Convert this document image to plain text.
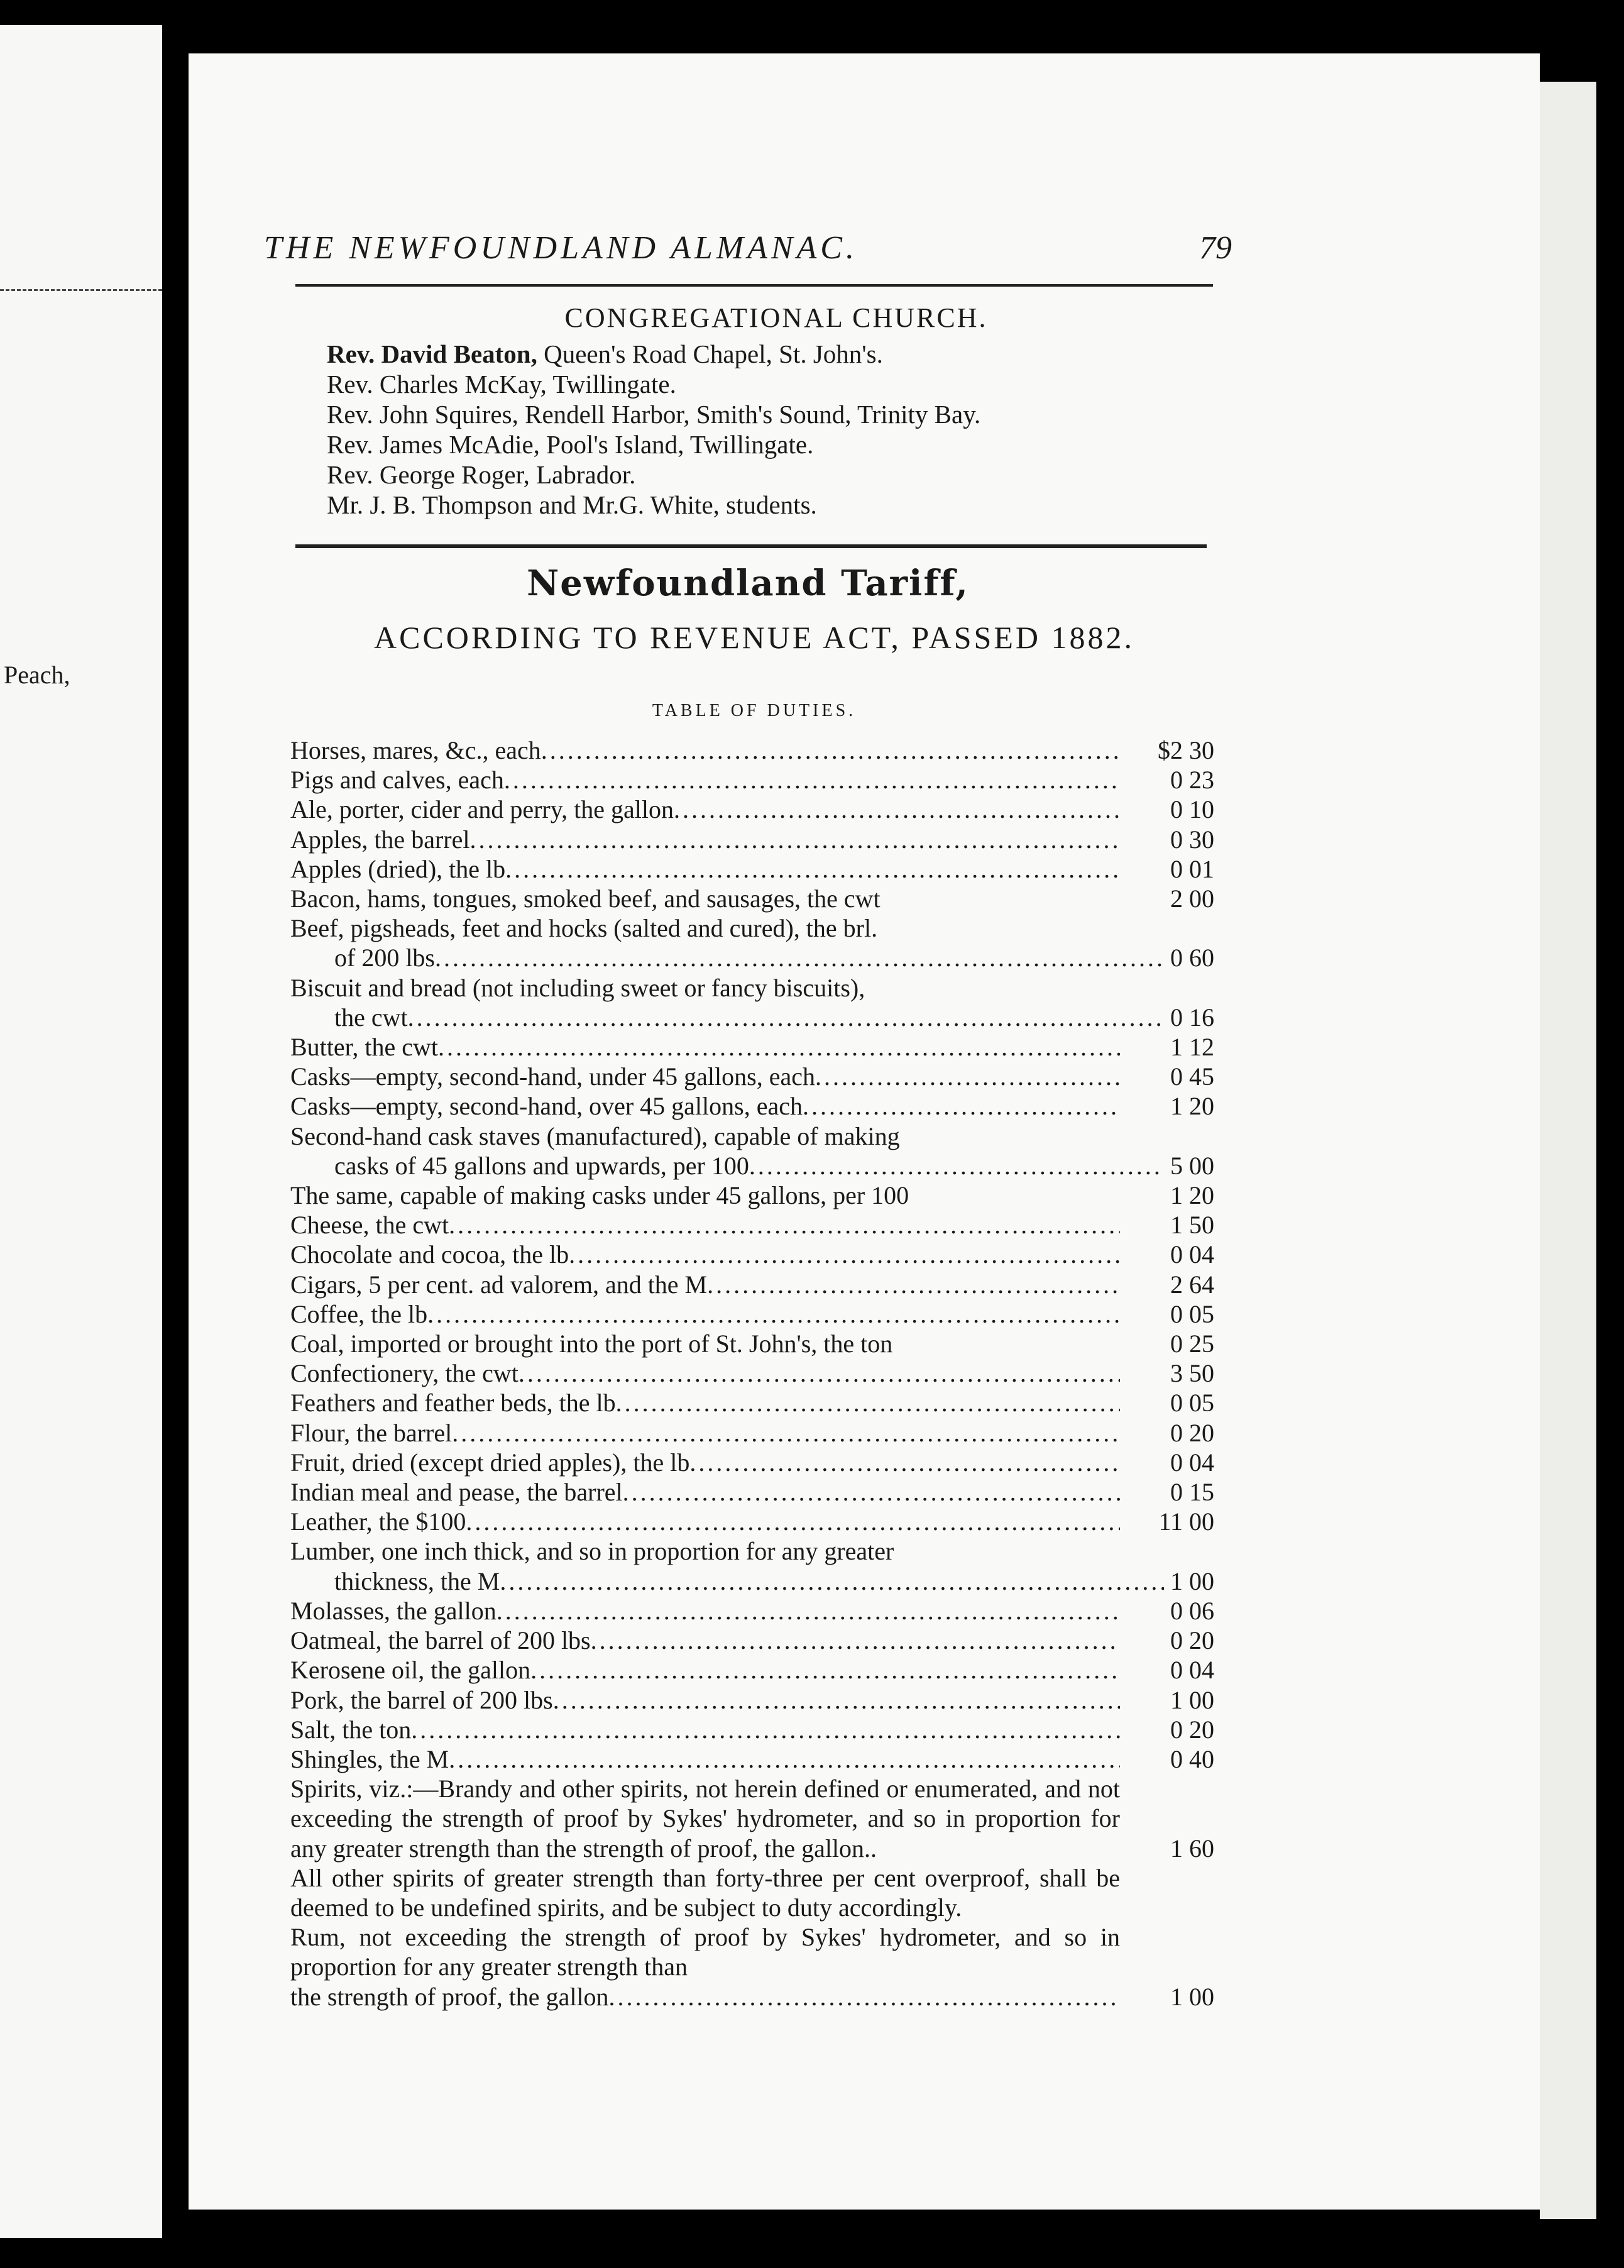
Peach,
THE NEWFOUNDLAND ALMANAC.	79
CONGREGATIONAL CHURCH.
Rev. David Beaton, Queen's Road Chapel, St. John's.
Rev. Charles McKay, Twillingate.
Rev. John Squires, Rendell Harbor, Smith's Sound, Trinity Bay.
Rev. James McAdie, Pool's Island, Twillingate.
Rev. George Roger, Labrador.
Mr. J. B. Thompson and Mr.G. White, students.
Newfoundland Tariff,
ACCORDING TO REVENUE ACT, PASSED 1882.
TABLE OF DUTIES.
Horses, mares, &c., each .....	$2 30
Pigs and calves, each .....	0 23
Ale, porter, cider and perry, the gallon .....	0 10
Apples, the barrel .....	0 30
Apples (dried), the lb .....	0 01
Bacon, hams, tongues, smoked beef, and sausages, the cwt	2 00
Beef, pigsheads, feet and hocks (salted and cured), the brl.
of 200 lbs .....	0 60
Biscuit and bread (not including sweet or fancy biscuits),
the cwt .....	0 16
Butter, the cwt .....	1 12
Casks—empty, second-hand, under 45 gallons, each .....	0 45
Casks—empty, second-hand, over 45 gallons, each .....	1 20
Second-hand cask staves (manufactured), capable of making
casks of 45 gallons and upwards, per 100 .....	5 00
The same, capable of making casks under 45 gallons, per 100	1 20
Cheese, the cwt .....	1 50
Chocolate and cocoa, the lb .....	0 04
Cigars, 5 per cent. ad valorem, and the M .....	2 64
Coffee, the lb .....	0 05
Coal, imported or brought into the port of St. John's, the ton	0 25
Confectionery, the cwt .....	3 50
Feathers and feather beds, the lb .....	0 05
Flour, the barrel .....	0 20
Fruit, dried (except dried apples), the lb .....	0 04
Indian meal and pease, the barrel .....	0 15
Leather, the $100 .....	11 00
Lumber, one inch thick, and so in proportion for any greater
thickness, the M .....	1 00
Molasses, the gallon .....	0 06
Oatmeal, the barrel of 200 lbs .....	0 20
Kerosene oil, the gallon .....	0 04
Pork, the barrel of 200 lbs .....	1 00
Salt, the ton .....	0 20
Shingles, the M .....	0 40
Spirits, viz.:—Brandy and other spirits, not herein defined or enumerated, and not exceeding the strength of proof by Sykes' hydrometer, and so in proportion for any greater strength than the strength of proof, the gallon..	1 60
All other spirits of greater strength than forty-three per cent overproof, shall be deemed to be undefined spirits, and be subject to duty accordingly.
Rum, not exceeding the strength of proof by Sykes' hydrometer, and so in proportion for any greater strength than
the strength of proof, the gallon .....	1 00
